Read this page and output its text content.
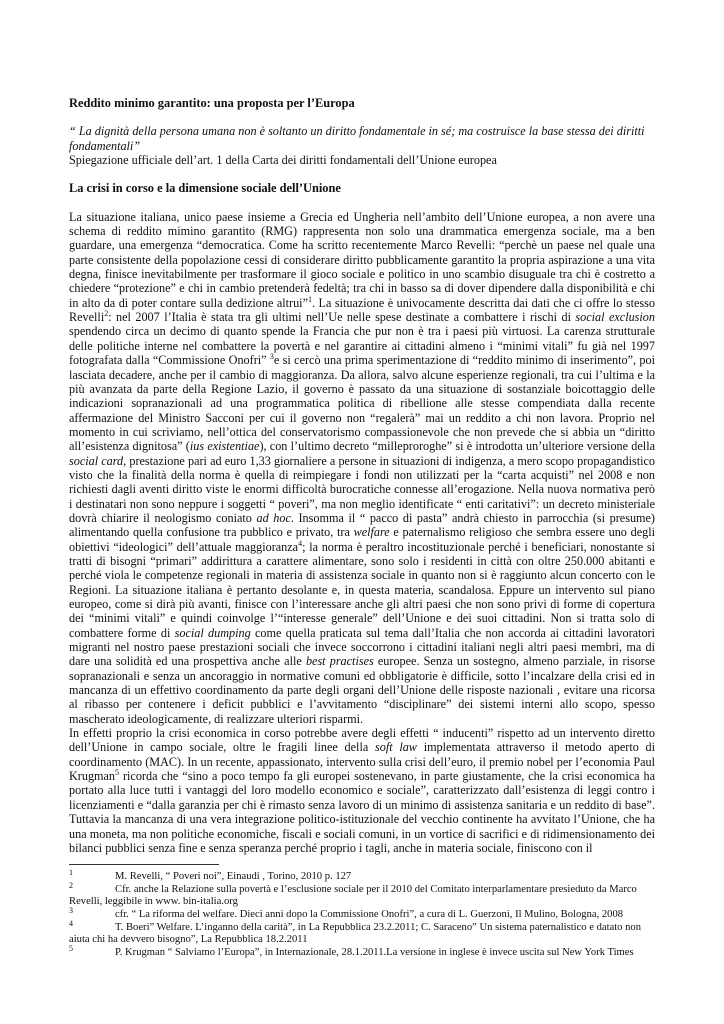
Reddito minimo garantito: una proposta per l’Europa

“ La dignità della persona umana non è soltanto un diritto fondamentale in sé; ma costruisce la base stessa dei diritti fondamentali”

Spiegazione ufficiale dell’art. 1 della Carta dei diritti fondamentali dell’Unione europea

La crisi in corso e la dimensione sociale dell’Unione

La situazione italiana, unico paese insieme a Grecia ed Ungheria nell’ambito dell’Unione europea, a non avere una schema di reddito mimino garantito (RMG) rappresenta non solo una drammatica emergenza sociale, ma a ben guardare, una emergenza “democratica. Come ha scritto recentemente Marco Revelli: “perchè un paese nel quale una parte consistente della popolazione cessi di considerare diritto pubblicamente garantito la propria aspirazione a una vita degna, finisce inevitabilmente per trasformare il gioco sociale e politico in uno scambio disuguale tra chi è costretto a chiedere “protezione” e chi in cambio pretenderà fedeltà; tra chi in basso sa di dover dipendere dalla disponibilità e chi in alto da di poter contare sulla dedizione altrui”$^1$. La situazione è univocamente descritta dai dati che ci offre lo stesso Revelli$^2$: nel 2007 l’Italia è stata tra gli ultimi nell’Ue nelle spese destinate a combattere i rischi di social exclusion spendendo circa un decimo di quanto spende la Francia che pur non è tra i paesi più virtuosi. La carenza strutturale delle politiche interne nel combattere la povertà e nel garantire ai cittadini almeno i “minimi vitali” fu già nel 1997 fotografata dalla “Commissione Onofri” $^3$e si cercò una prima sperimentazione di “reddito minimo di inserimento”, poi lasciata decadere, anche per il cambio di maggioranza. Da allora, salvo alcune esperienze regionali, tra cui l’ultima e la più avanzata da parte della Regione Lazio, il governo è passato da una situazione di sostanziale boicottaggio delle indicazioni sopranazionali ad una programmatica politica di ribellione alle stesse compendiata dalla recente affermazione del Ministro Sacconi per cui il governo non “regalerà” mai un reddito a chi non lavora. Proprio nel momento in cui scriviamo, nell’ottica del conservatorismo compassionevole che non prevede che si abbia un “diritto all’esistenza dignitosa” (ius existentiae), con l’ultimo decreto “milleproroghe” si è introdotta un’ulteriore versione della social card, prestazione pari ad euro 1,33 giornaliere a persone in situazioni di indigenza, a mero scopo propagandistico visto che la finalità della norma è quella di reimpiegare i fondi non utilizzati per la “carta acquisti” nel 2008 e non richiesti dagli aventi diritto viste le enormi difficoltà burocratiche connesse all’erogazione. Nella nuova normativa però i destinatari non sono neppure i soggetti “ poveri”, ma non meglio identificate “ enti caritativi”: un decreto ministeriale dovrà chiarire il neologismo coniato ad hoc. Insomma il “ pacco di pasta” andrà chiesto in parrocchia (si presume) alimentando quella confusione tra pubblico e privato, tra welfare e paternalismo religioso che sembra essere uno degli obiettivi “ideologici” dell’attuale maggioranza$^4$; la norma è peraltro incostituzionale perché i beneficiari, nonostante si tratti di bisogni “primari” addirittura a carattere alimentare, sono solo i residenti in città con oltre 250.000 abitanti e perché viola le competenze regionali in materia di assistenza sociale in quanto non si è raggiunto alcun concerto con le Regioni. La situazione italiana è pertanto desolante e, in questa materia, scandalosa. Eppure un intervento sul piano europeo, come si dirà più avanti, finisce con l’interessare anche gli altri paesi che non sono privi di forme di copertura dei “minimi vitali” e quindi coinvolge l’“interesse generale” dell’Unione e dei suoi cittadini. Non si tratta solo di combattere forme di social dumping come quella praticata sul tema dall’Italia che non accorda ai cittadini lavoratori migranti nel nostro paese prestazioni sociali che invece soccorrono i cittadini italiani negli altri paesi membri, ma di dare una solidità ed una prospettiva anche alle best practises europee. Senza un sostegno, almeno parziale, in risorse sopranazionali e senza un ancoraggio in normative comuni ed obbligatorie è difficile, sotto l’incalzare della crisi ed in mancanza di un effettivo coordinamento da parte degli organi dell’Unione delle risposte nazionali , evitare una ricorsa al ribasso per contenere i deficit pubblici e l’avvitamento “disciplinare” dei sistemi interni allo scopo, spesso mascherato ideologicamente, di realizzare ulteriori risparmi.

In effetti proprio la crisi economica in corso potrebbe avere degli effetti “ inducenti” rispetto ad un intervento diretto dell’Unione in campo sociale, oltre le fragili linee della soft law implementata attraverso il metodo aperto di coordinamento (MAC). In un recente, appassionato, intervento sulla crisi dell’euro, il premio nobel per l’economia Paul Krugman$^5$ ricorda che “sino a poco tempo fa gli europei sostenevano, in parte giustamente, che la crisi economica ha portato alla luce tutti i vantaggi del loro modello economico e sociale”, caratterizzato dall’esistenza di leggi contro i licenziamenti e “dalla garanzia per chi è rimasto senza lavoro di un minimo di assistenza sanitaria e un reddito di base”. Tuttavia la mancanza di una vera integrazione politico-istituzionale del vecchio continente ha avvitato l’Unione, che ha una moneta, ma non politiche economiche, fiscali e sociali comuni, in un vortice di sacrifici e di ridimensionamento dei bilanci pubblici senza fine e senza speranza perché proprio i tagli, anche in materia sociale, finiscono con il

1	M. Revelli, “ Poveri noi”, Einaudi , Torino, 2010 p. 127

2	Cfr. anche la Relazione sulla povertà e l’esclusione sociale per il 2010 del Comitato interparlamentare presieduto da Marco Revelli, leggibile in www. bin-italia.org

3	cfr. “ La riforma del welfare. Dieci anni dopo la Commissione Onofri”, a cura di L. Guerzoni, Il Mulino, Bologna, 2008

4	T. Boeri” Welfare. L’inganno della carità”, in La Repubblica 23.2.2011; C. Saraceno” Un sistema paternalistico e datato non aiuta chi ha devvero bisogno”, La Repubblica 18.2.2011

5	P. Krugman “ Salviamo l’Europa”, in Internazionale, 28.1.2011.La versione in inglese è invece uscita sul New York Times
